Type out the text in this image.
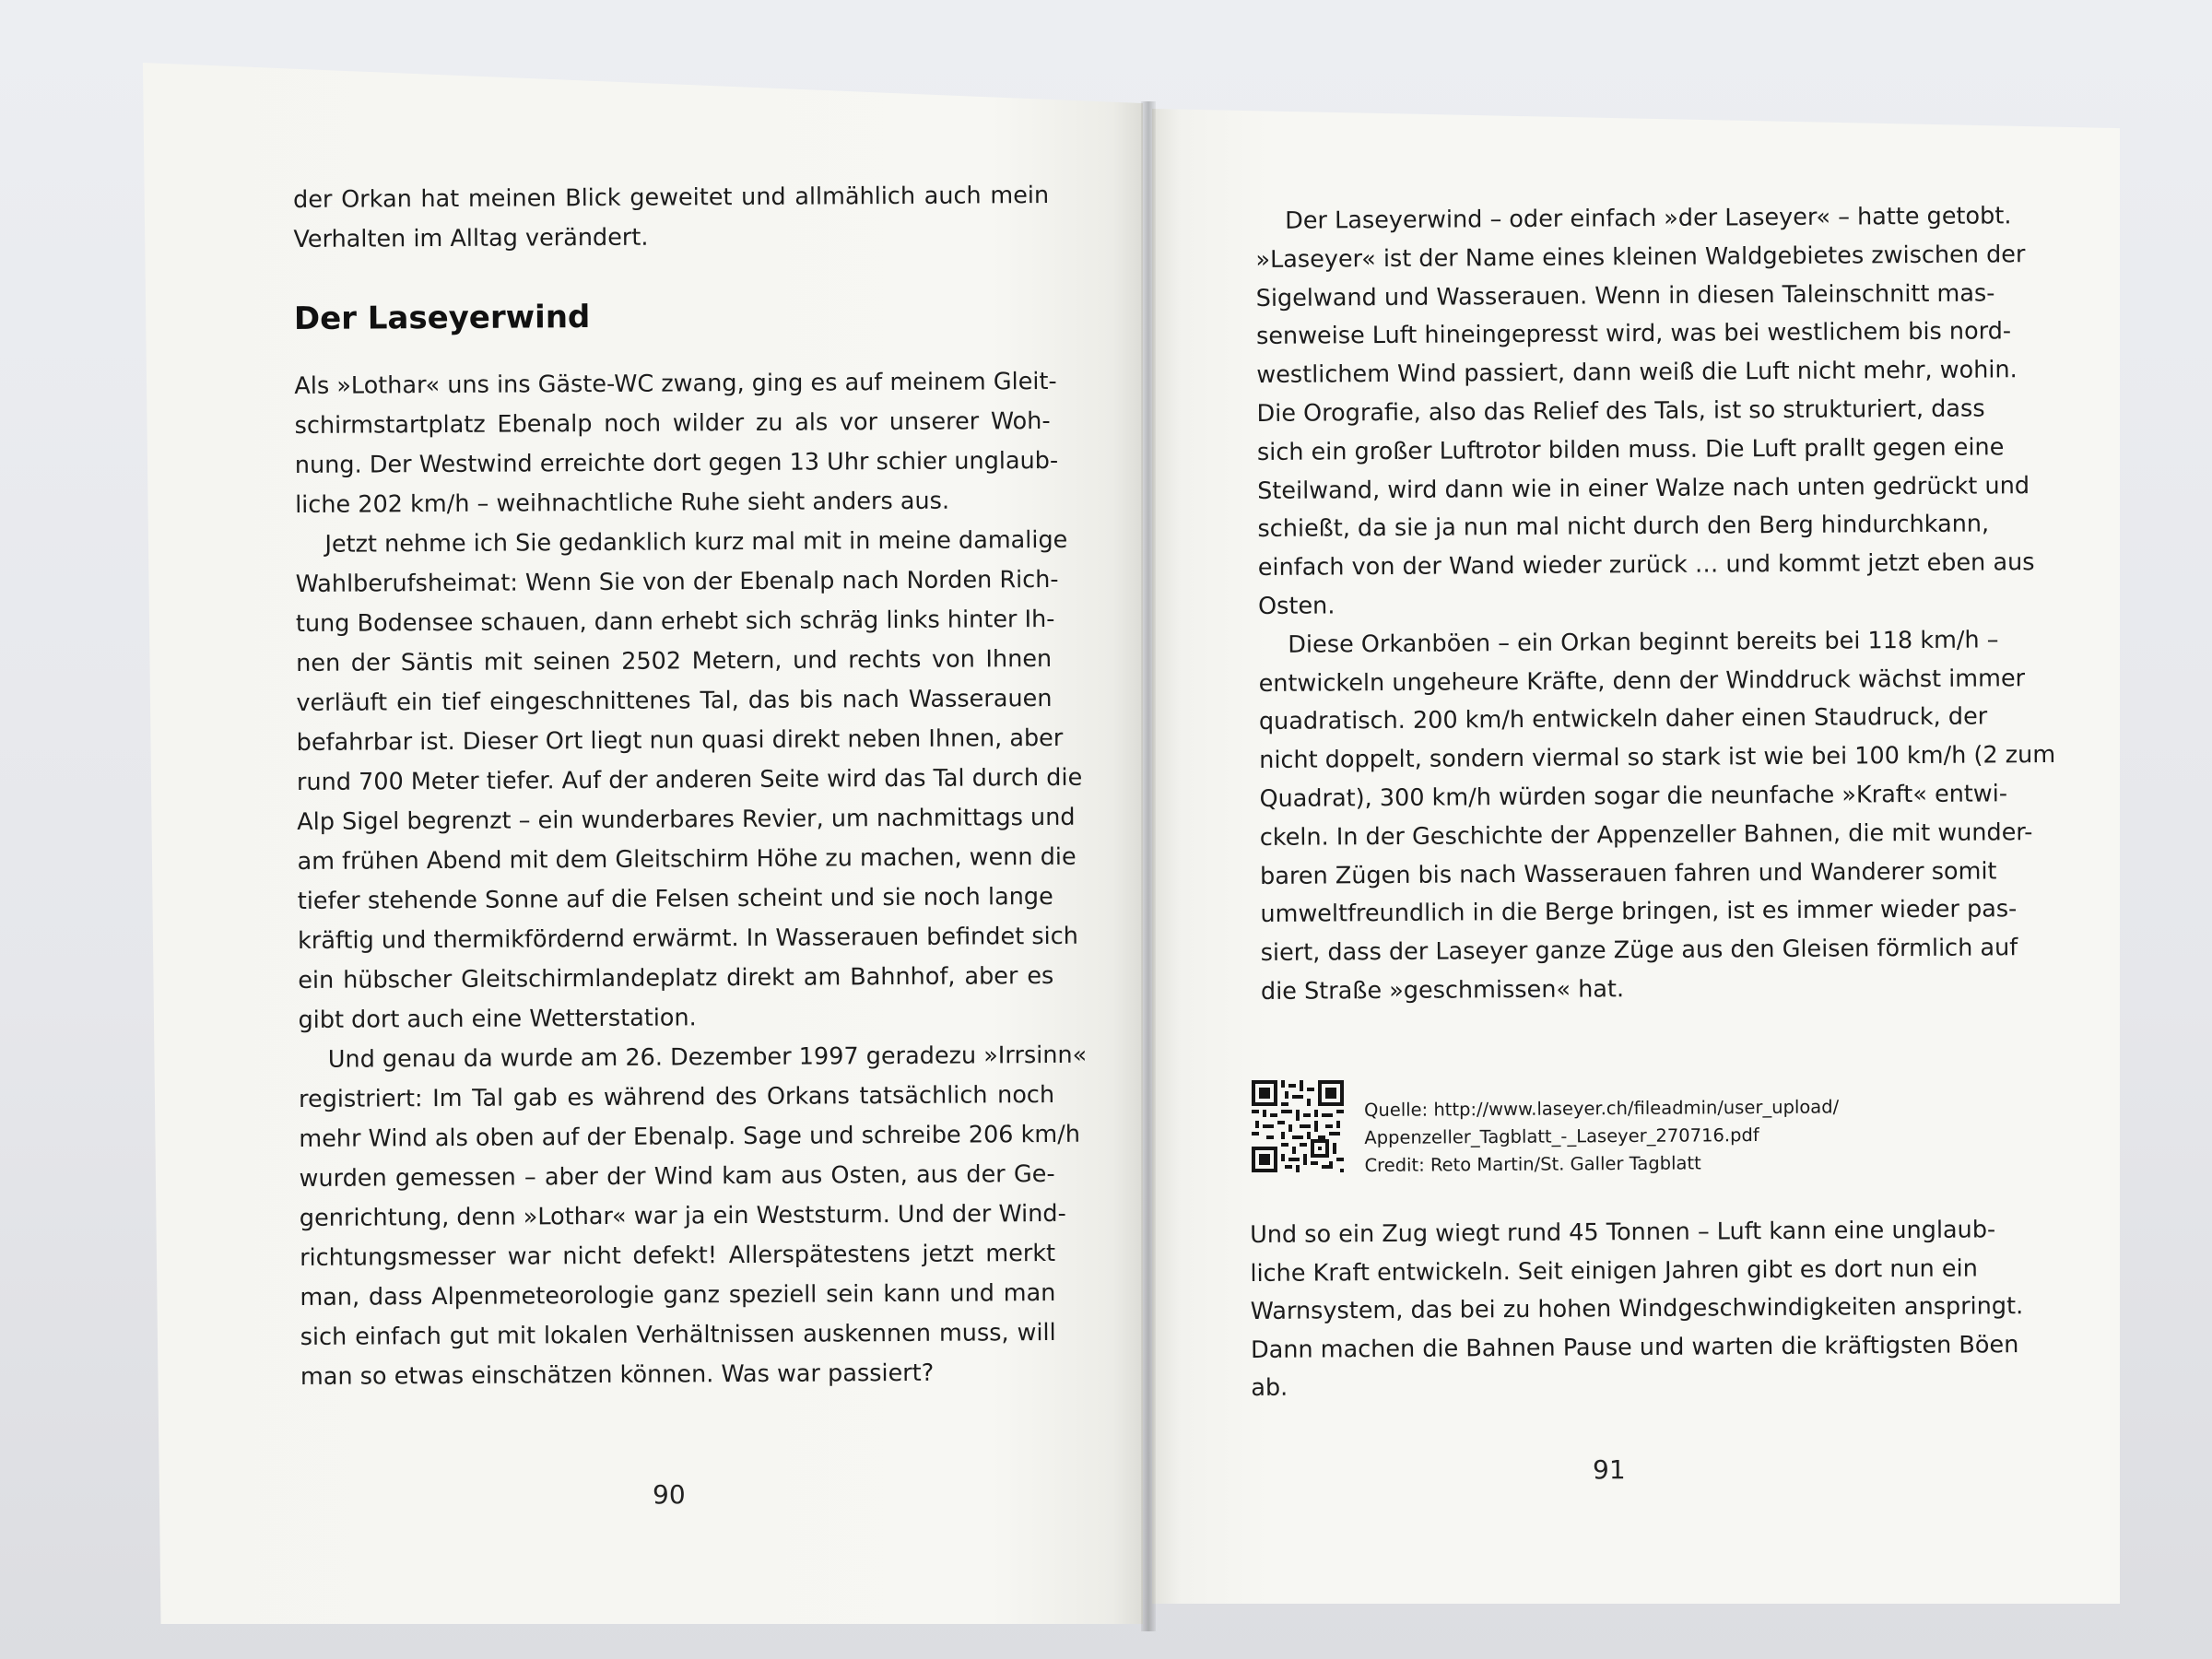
der Orkan hat meinen Blick geweitet und allmählich auch mein
Verhalten im Alltag verändert.
Der Laseyerwind
Als »Lothar« uns ins Gäste-WC zwang, ging es auf meinem Gleit-
schirmstartplatz Ebenalp noch wilder zu als vor unserer Woh-
nung. Der Westwind erreichte dort gegen 13 Uhr schier unglaub-
liche 202 km/h – weihnachtliche Ruhe sieht anders aus.
Jetzt nehme ich Sie gedanklich kurz mal mit in meine damalige
Wahlberufsheimat: Wenn Sie von der Ebenalp nach Norden Rich-
tung Bodensee schauen, dann erhebt sich schräg links hinter Ih-
nen der Säntis mit seinen 2502 Metern, und rechts von Ihnen
verläuft ein tief eingeschnittenes Tal, das bis nach Wasserauen
befahrbar ist. Dieser Ort liegt nun quasi direkt neben Ihnen, aber
rund 700 Meter tiefer. Auf der anderen Seite wird das Tal durch die
Alp Sigel begrenzt – ein wunderbares Revier, um nachmittags und
am frühen Abend mit dem Gleitschirm Höhe zu machen, wenn die
tiefer stehende Sonne auf die Felsen scheint und sie noch lange
kräftig und thermikfördernd erwärmt. In Wasserauen befindet sich
ein hübscher Gleitschirmlandeplatz direkt am Bahnhof, aber es
gibt dort auch eine Wetterstation.
Und genau da wurde am 26. Dezember 1997 geradezu »Irrsinn«
registriert: Im Tal gab es während des Orkans tatsächlich noch
mehr Wind als oben auf der Ebenalp. Sage und schreibe 206 km/h
wurden gemessen – aber der Wind kam aus Osten, aus der Ge-
genrichtung, denn »Lothar« war ja ein Weststurm. Und der Wind-
richtungsmesser war nicht defekt! Allerspätestens jetzt merkt
man, dass Alpenmeteorologie ganz speziell sein kann und man
sich einfach gut mit lokalen Verhältnissen auskennen muss, will
man so etwas einschätzen können. Was war passiert?
90
Der Laseyerwind – oder einfach »der Laseyer« – hatte getobt.
»Laseyer« ist der Name eines kleinen Waldgebietes zwischen der
Sigelwand und Wasserauen. Wenn in diesen Taleinschnitt mas-
senweise Luft hineingepresst wird, was bei westlichem bis nord-
westlichem Wind passiert, dann weiß die Luft nicht mehr, wohin.
Die Orografie, also das Relief des Tals, ist so strukturiert, dass
sich ein großer Luftrotor bilden muss. Die Luft prallt gegen eine
Steilwand, wird dann wie in einer Walze nach unten gedrückt und
schießt, da sie ja nun mal nicht durch den Berg hindurchkann,
einfach von der Wand wieder zurück … und kommt jetzt eben aus
Osten.
Diese Orkanböen – ein Orkan beginnt bereits bei 118 km/h –
entwickeln ungeheure Kräfte, denn der Winddruck wächst immer
quadratisch. 200 km/h entwickeln daher einen Staudruck, der
nicht doppelt, sondern viermal so stark ist wie bei 100 km/h (2 zum
Quadrat), 300 km/h würden sogar die neunfache »Kraft« entwi-
ckeln. In der Geschichte der Appenzeller Bahnen, die mit wunder-
baren Zügen bis nach Wasserauen fahren und Wanderer somit
umweltfreundlich in die Berge bringen, ist es immer wieder pas-
siert, dass der Laseyer ganze Züge aus den Gleisen förmlich auf
die Straße »geschmissen« hat.
Quelle: http://www.laseyer.ch/fileadmin/user_upload/
Appenzeller_Tagblatt_-_Laseyer_270716.pdf
Credit: Reto Martin/St. Galler Tagblatt
Und so ein Zug wiegt rund 45 Tonnen – Luft kann eine unglaub-
liche Kraft entwickeln. Seit einigen Jahren gibt es dort nun ein
Warnsystem, das bei zu hohen Windgeschwindigkeiten anspringt.
Dann machen die Bahnen Pause und warten die kräftigsten Böen
ab.
91
